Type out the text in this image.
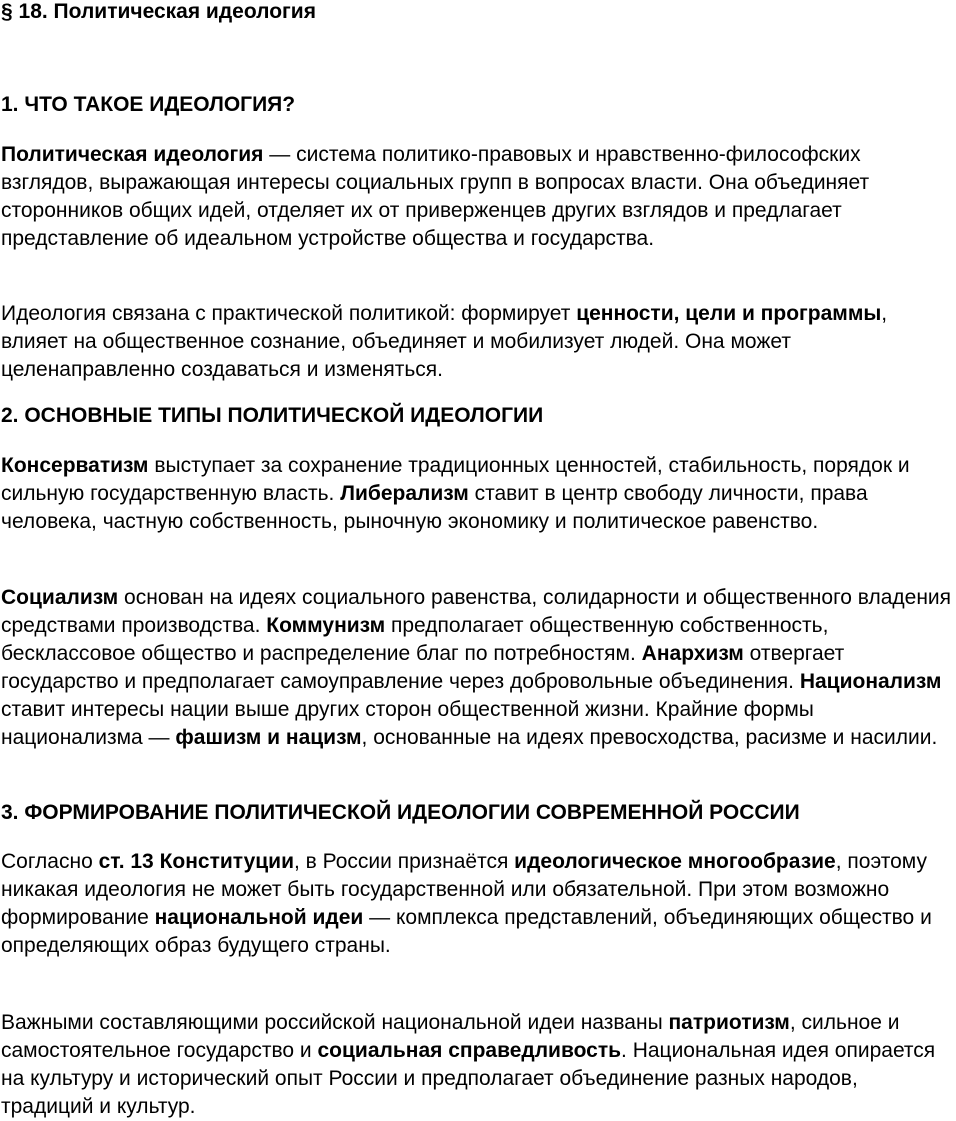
§ 18. Политическая идеология
1. ЧТО ТАКОЕ ИДЕОЛОГИЯ?

Политическая идеология — система политико-правовых и нравственно-философских взглядов, выражающая интересы социальных групп в вопросах власти. Она объединяет сторонников общих идей, отделяет их от приверженцев других взглядов и предлагает представление об идеальном устройстве общества и государства.

Идеология связана с практической политикой: формирует ценности, цели и программы, влияет на общественное сознание, объединяет и мобилизует людей. Она может целенаправленно создаваться и изменяться.

2. ОСНОВНЫЕ ТИПЫ ПОЛИТИЧЕСКОЙ ИДЕОЛОГИИ

Консерватизм выступает за сохранение традиционных ценностей, стабильность, порядок и сильную государственную власть. Либерализм ставит в центр свободу личности, права человека, частную собственность, рыночную экономику и политическое равенство.

Социализм основан на идеях социального равенства, солидарности и общественного владения средствами производства. Коммунизм предполагает общественную собственность, бесклассовое общество и распределение благ по потребностям. Анархизм отвергает государство и предполагает самоуправление через добровольные объединения. Национализм ставит интересы нации выше других сторон общественной жизни. Крайние формы национализма — фашизм и нацизм, основанные на идеях превосходства, расизме и насилии.

3. ФОРМИРОВАНИЕ ПОЛИТИЧЕСКОЙ ИДЕОЛОГИИ СОВРЕМЕННОЙ РОССИИ

Согласно ст. 13 Конституции, в России признаётся идеологическое многообразие, поэтому никакая идеология не может быть государственной или обязательной. При этом возможно формирование национальной идеи — комплекса представлений, объединяющих общество и определяющих образ будущего страны.

Важными составляющими российской национальной идеи названы патриотизм, сильное и самостоятельное государство и социальная справедливость. Национальная идея опирается на культуру и исторический опыт России и предполагает объединение разных народов, традиций и культур.
